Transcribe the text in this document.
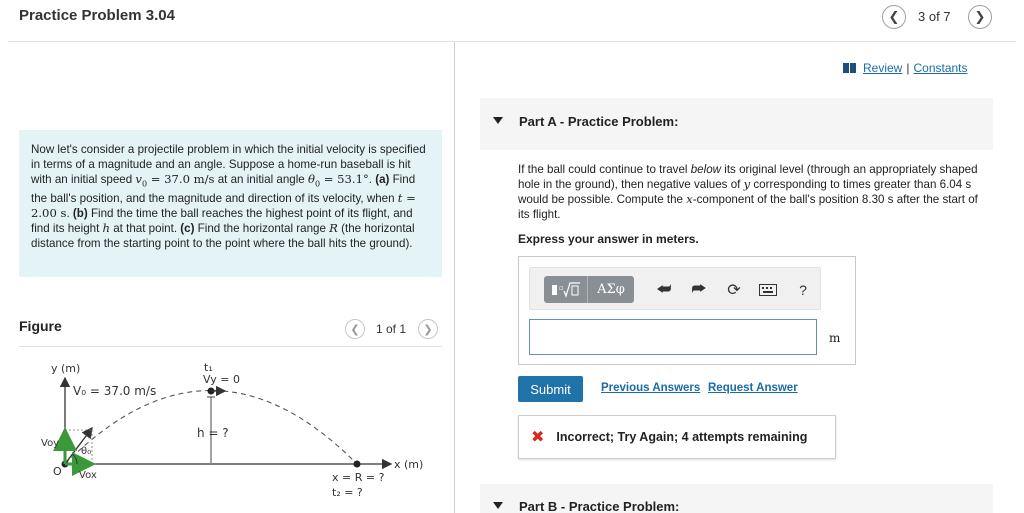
Practice Problem 3.04	❮ 3 of 7 ❯
Now let's consider a projectile problem in which the initial velocity is specified in terms of a magnitude and an angle. Suppose a home-run baseball is hit with an initial speed $v_0 = 37.0$ m/s at an initial angle $\theta_0 = 53.1^\circ$. (a) Find the ball's position, and the magnitude and direction of its velocity, when t = 2.00 s. (b) Find the time the ball reaches the highest point of its flight, and find its height h at that point. (c) Find the horizontal range R (the horizontal distance from the starting point to the point where the ball hits the ground).
Figure	❮ 1 of 1 ❯
y (m)
x (m)
V₀ = 37.0 m/s
t₁
Vy = 0
h = ?
Voy
Vox
θ₀
O	x = R = ?
t₂ = ?
Review | Constants
Part A - Practice Problem:
If the ball could continue to travel below its original level (through an appropriately shaped hole in the ground), then negative values of y corresponding to times greater than 6.04 s would be possible. Compute the x-component of the ball's position 8.30 s after the start of its flight.
Express your answer in meters.
▫	ΑΣφ	⮨ ⮫ ⟳	?
m
Submit	Previous Answers Request Answer
✖ Incorrect; Try Again; 4 attempts remaining
Part B - Practice Problem:
